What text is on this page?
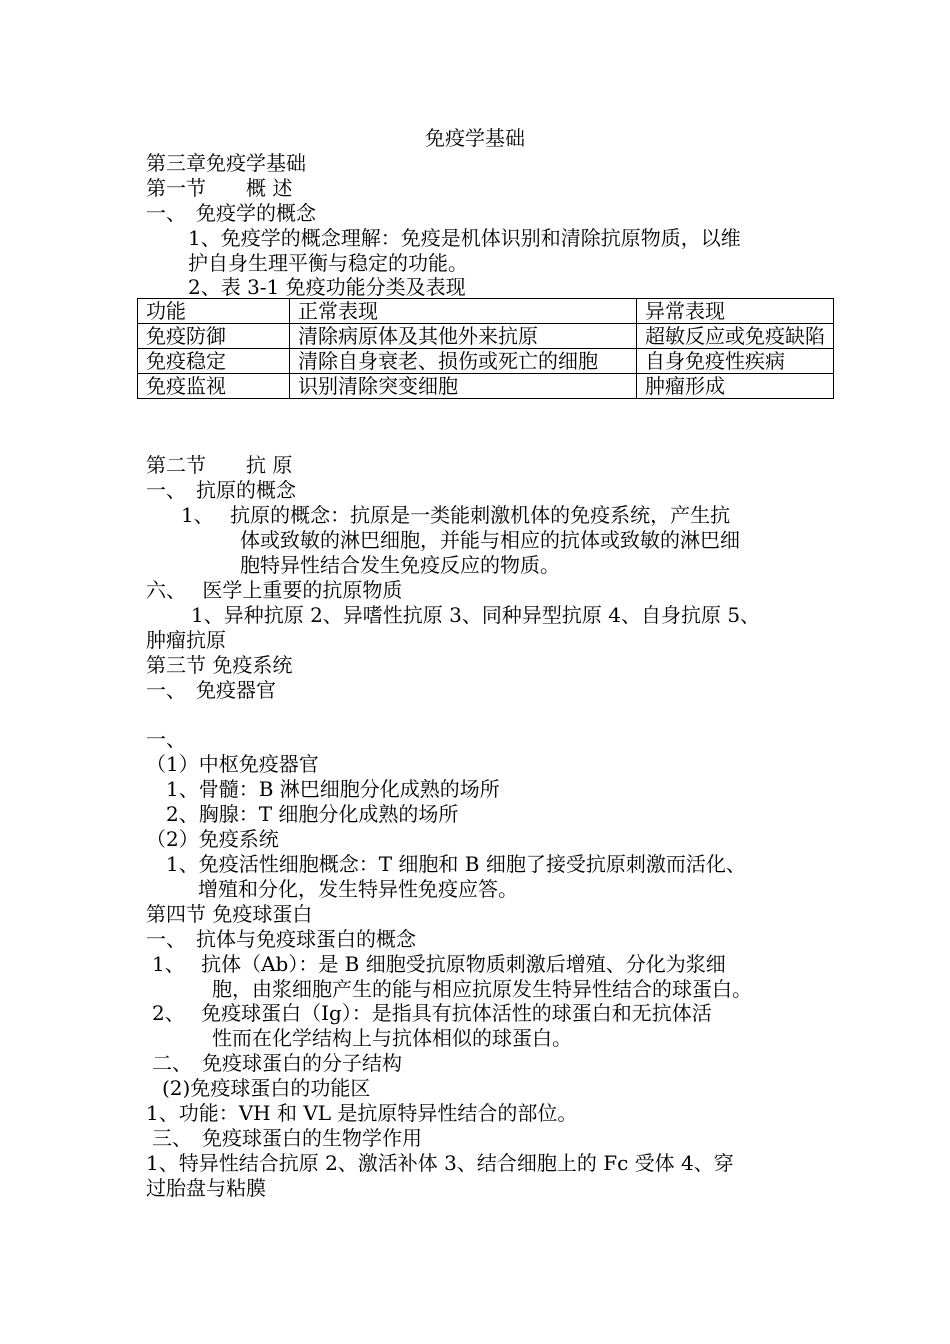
免疫学基础
第三章免疫学基础
第一节　　概 述
一、　免疫学的概念
1、免疫学的概念理解：免疫是机体识别和清除抗原物质，以维
护自身生理平衡与稳定的功能。
2、表 3-1 免疫功能分类及表现
功能	正常表现	异常表现
免疫防御	清除病原体及其他外来抗原	超敏反应或免疫缺陷
免疫稳定	清除自身衰老、损伤或死亡的细胞	自身免疫性疾病
免疫监视	识别清除突变细胞	肿瘤形成
第二节　　抗 原
一、　抗原的概念
1、　 抗原的概念：抗原是一类能刺激机体的免疫系统，产生抗
体或致敏的淋巴细胞，并能与相应的抗体或致敏的淋巴细
胞特异性结合发生免疫反应的物质。
六、　 医学上重要的抗原物质
1、异种抗原 2、异嗜性抗原 3、同种异型抗原 4、自身抗原 5、
肿瘤抗原
第三节 免疫系统
一、　免疫器官
一、
（1）中枢免疫器官
1、骨髓：B 淋巴细胞分化成熟的场所
2、胸腺：T 细胞分化成熟的场所
（2）免疫系统
1、免疫活性细胞概念：T 细胞和 B 细胞了接受抗原刺激而活化、
增殖和分化，发生特异性免疫应答。
第四节 免疫球蛋白
一、　抗体与免疫球蛋白的概念
1、　 抗体（Ab）：是 B 细胞受抗原物质刺激后增殖、分化为浆细
胞，由浆细胞产生的能与相应抗原发生特异性结合的球蛋白。
2、　 免疫球蛋白（Ig）：是指具有抗体活性的球蛋白和无抗体活
性而在化学结构上与抗体相似的球蛋白。
二、　免疫球蛋白的分子结构
(2)免疫球蛋白的功能区
1、功能：VH 和 VL 是抗原特异性结合的部位。
三、　免疫球蛋白的生物学作用
1、特异性结合抗原 2、激活补体 3、结合细胞上的 Fc 受体 4、穿
过胎盘与粘膜
